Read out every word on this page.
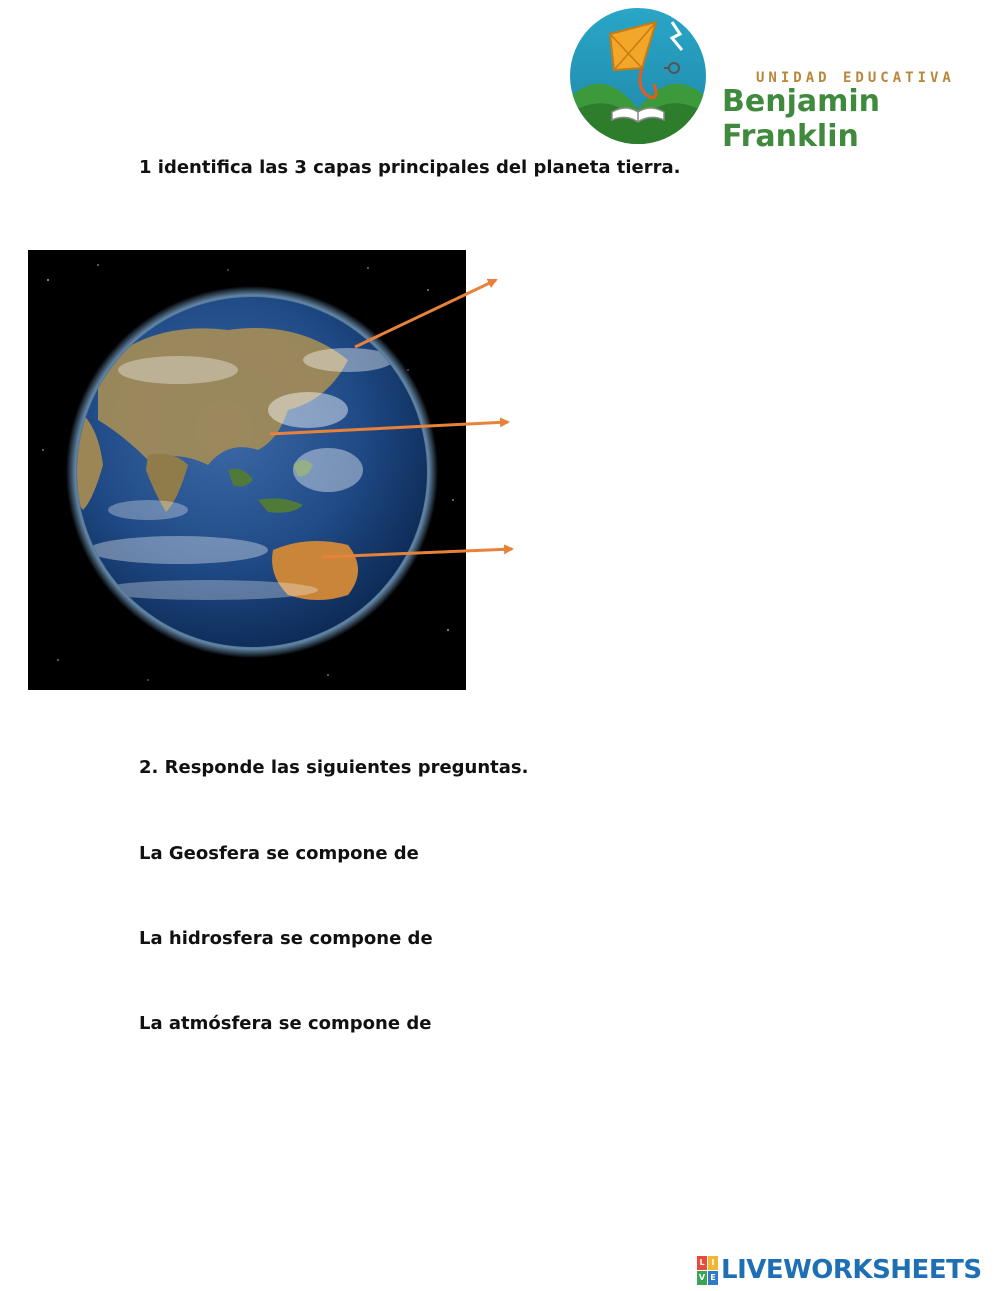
UNIDAD EDUCATIVA
Benjamin Franklin
1 identifica las 3 capas principales del planeta tierra.
2. Responde las siguientes preguntas.
La Geosfera se compone de
La hidrosfera se compone de
La atmósfera se compone de
L I
V E LIVEWORKSHEETS
